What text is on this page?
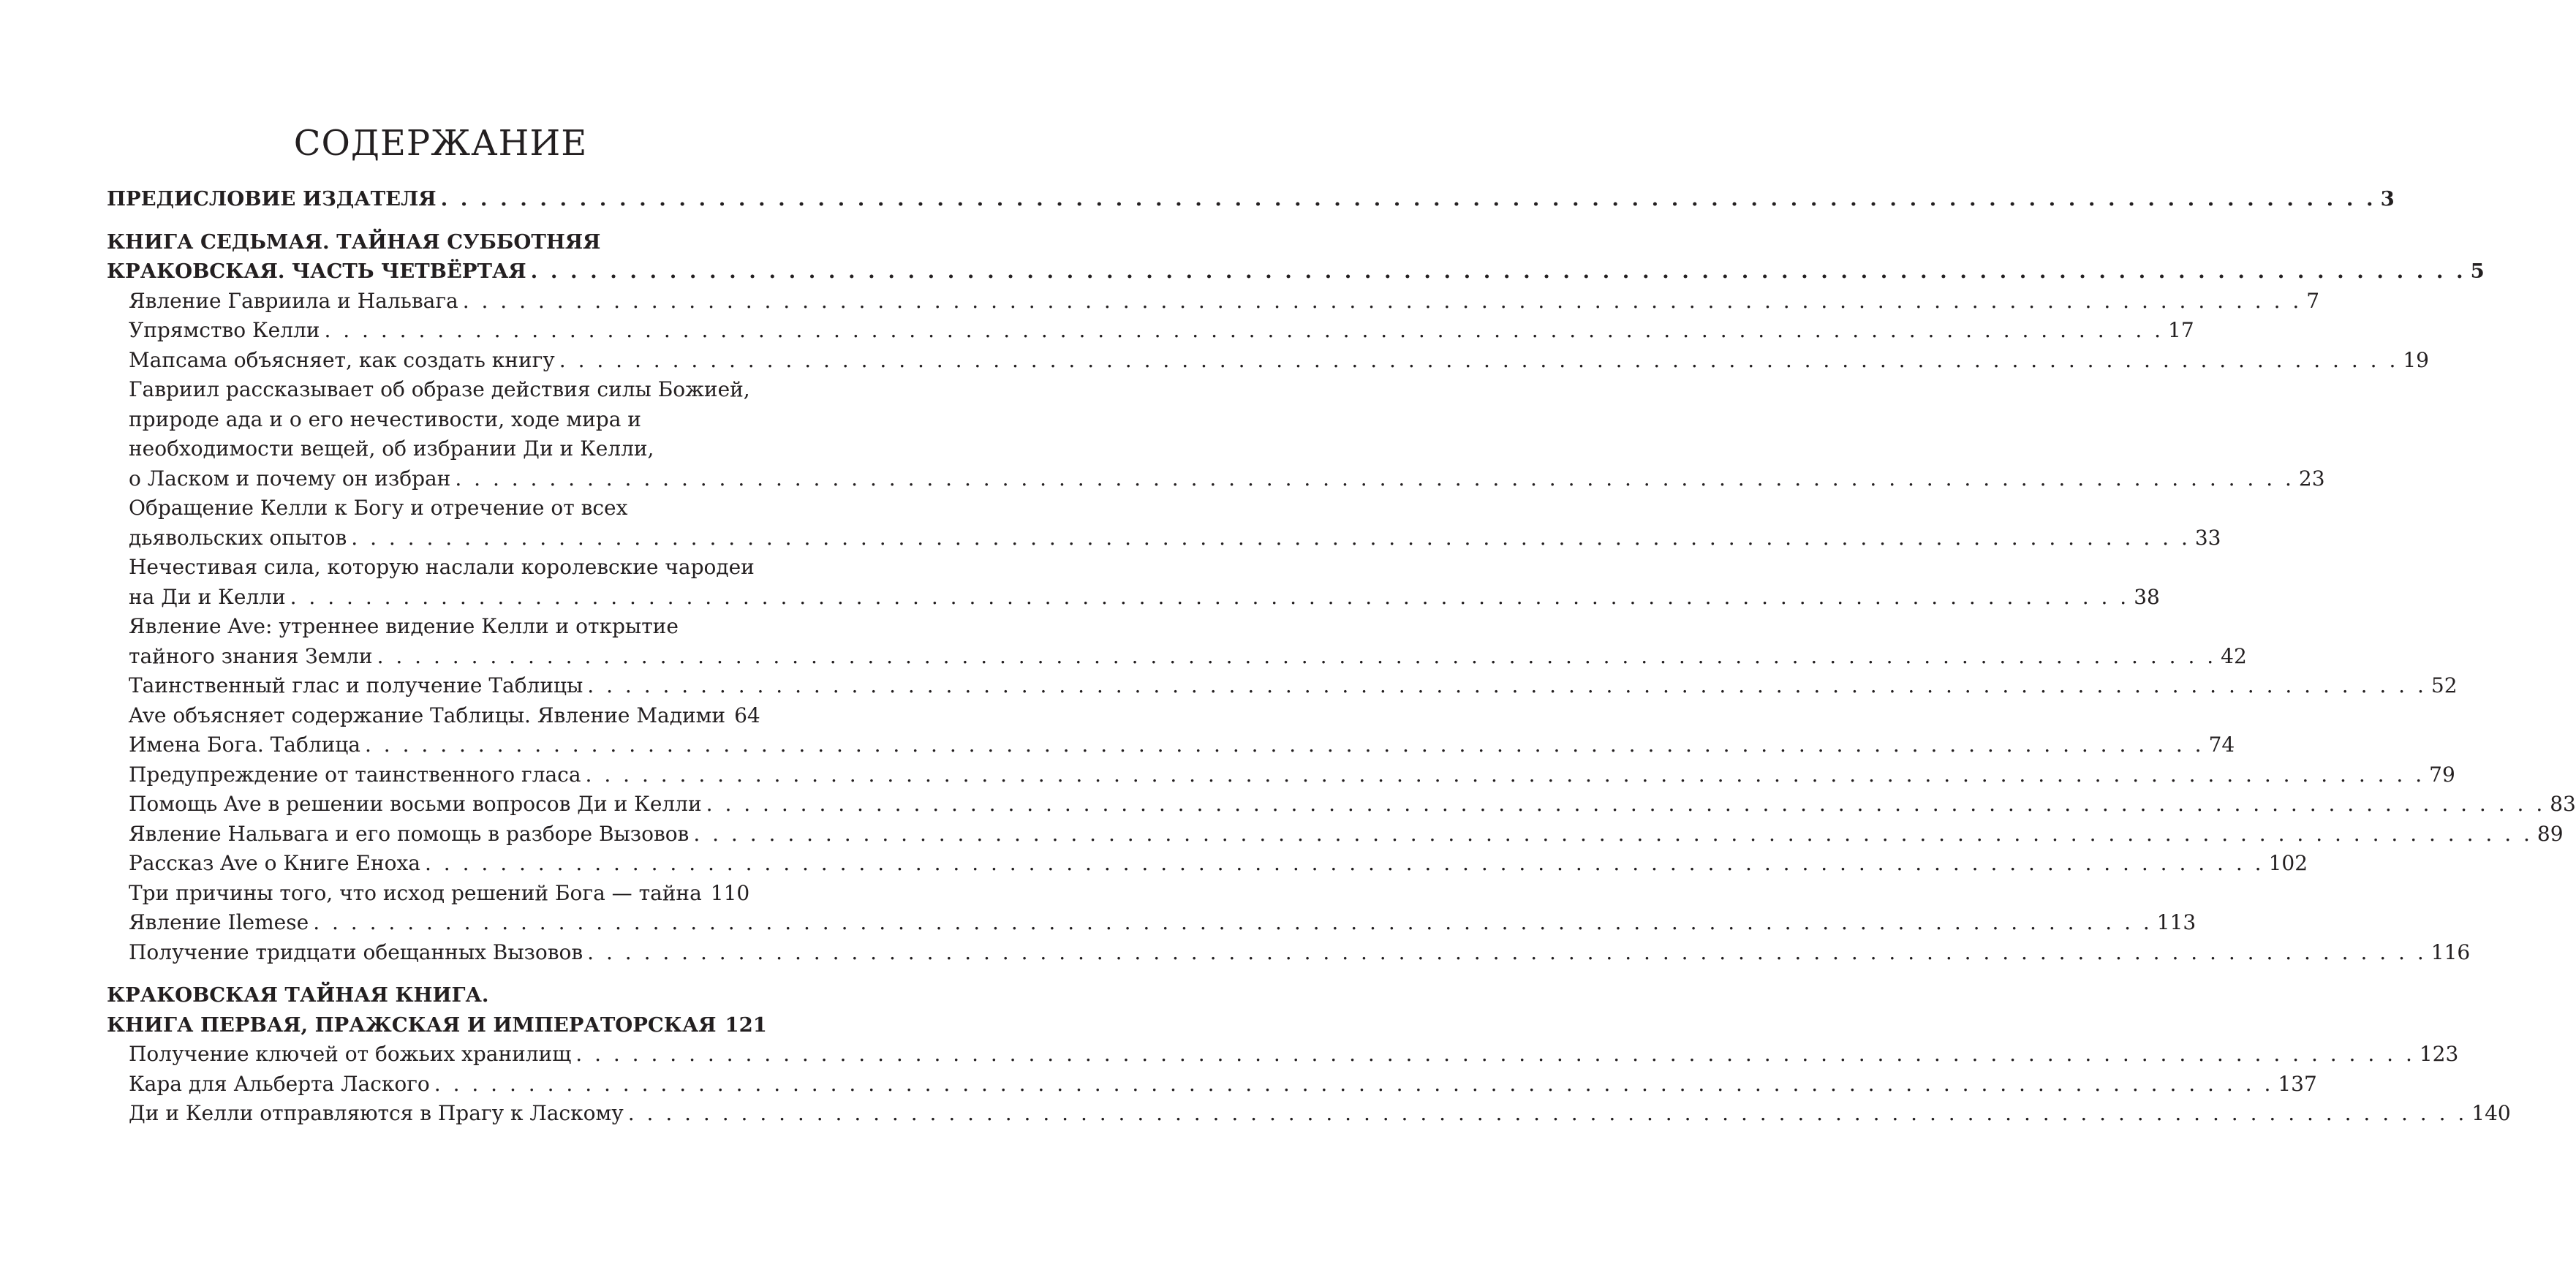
СОДЕРЖАНИЕ
ПРЕДИСЛОВИЕ ИЗДАТЕЛЯ . . . . . . . . . . . . . . . . . . . . . . . . . . . . . . . . . . . . . . . . . . . . . . . . . . . . . . . . . . . . . . . . . . . . . . . . . . . . . . . . . . . . . . . . . . . . . . . . . . 3
КНИГА СЕДЬМАЯ. ТАЙНАЯ СУББОТНЯЯ
КРАКОВСКАЯ. ЧАСТЬ ЧЕТВЁРТАЯ . . . . . . . . . . . . . . . . . . . . . . . . . . . . . . . . . . . . . . . . . . . . . . . . . . . . . . . . . . . . . . . . . . . . . . . . . . . . . . . . . . . . . . . . . . . . . . . . . . 5
Явление Гавриила и Нальвага . . . . . . . . . . . . . . . . . . . . . . . . . . . . . . . . . . . . . . . . . . . . . . . . . . . . . . . . . . . . . . . . . . . . . . . . . . . . . . . . . . . . . . . . . . . . . . . . . . 7
Упрямство Келли . . . . . . . . . . . . . . . . . . . . . . . . . . . . . . . . . . . . . . . . . . . . . . . . . . . . . . . . . . . . . . . . . . . . . . . . . . . . . . . . . . . . . . . . . . . . . . . . . . 17
Мапсама объясняет, как создать книгу . . . . . . . . . . . . . . . . . . . . . . . . . . . . . . . . . . . . . . . . . . . . . . . . . . . . . . . . . . . . . . . . . . . . . . . . . . . . . . . . . . . . . . . . . . . . . . . . . . 19
Гавриил рассказывает об образе действия силы Божией,
природе ада и о его нечестивости, ходе мира и
необходимости вещей, об избрании Ди и Келли,
о Ласком и почему он избран . . . . . . . . . . . . . . . . . . . . . . . . . . . . . . . . . . . . . . . . . . . . . . . . . . . . . . . . . . . . . . . . . . . . . . . . . . . . . . . . . . . . . . . . . . . . . . . . . . 23
Обращение Келли к Богу и отречение от всех
дьявольских опытов . . . . . . . . . . . . . . . . . . . . . . . . . . . . . . . . . . . . . . . . . . . . . . . . . . . . . . . . . . . . . . . . . . . . . . . . . . . . . . . . . . . . . . . . . . . . . . . . . . 33
Нечестивая сила, которую наслали королевские чародеи
на Ди и Келли . . . . . . . . . . . . . . . . . . . . . . . . . . . . . . . . . . . . . . . . . . . . . . . . . . . . . . . . . . . . . . . . . . . . . . . . . . . . . . . . . . . . . . . . . . . . . . . . . . 38
Явление Ave: утреннее видение Келли и открытие
тайного знания Земли . . . . . . . . . . . . . . . . . . . . . . . . . . . . . . . . . . . . . . . . . . . . . . . . . . . . . . . . . . . . . . . . . . . . . . . . . . . . . . . . . . . . . . . . . . . . . . . . . . 42
Таинственный глас и получение Таблицы . . . . . . . . . . . . . . . . . . . . . . . . . . . . . . . . . . . . . . . . . . . . . . . . . . . . . . . . . . . . . . . . . . . . . . . . . . . . . . . . . . . . . . . . . . . . . . . . . . 52
Ave объясняет содержание Таблицы. Явление Мадими 64
Имена Бога. Таблица . . . . . . . . . . . . . . . . . . . . . . . . . . . . . . . . . . . . . . . . . . . . . . . . . . . . . . . . . . . . . . . . . . . . . . . . . . . . . . . . . . . . . . . . . . . . . . . . . . 74
Предупреждение от таинственного гласа . . . . . . . . . . . . . . . . . . . . . . . . . . . . . . . . . . . . . . . . . . . . . . . . . . . . . . . . . . . . . . . . . . . . . . . . . . . . . . . . . . . . . . . . . . . . . . . . . . 79
Помощь Ave в решении восьми вопросов Ди и Келли . . . . . . . . . . . . . . . . . . . . . . . . . . . . . . . . . . . . . . . . . . . . . . . . . . . . . . . . . . . . . . . . . . . . . . . . . . . . . . . . . . . . . . . . . . . . . . . . . . 83
Явление Нальвага и его помощь в разборе Вызовов . . . . . . . . . . . . . . . . . . . . . . . . . . . . . . . . . . . . . . . . . . . . . . . . . . . . . . . . . . . . . . . . . . . . . . . . . . . . . . . . . . . . . . . . . . . . . . . . . . 89
Рассказ Ave о Книге Еноха . . . . . . . . . . . . . . . . . . . . . . . . . . . . . . . . . . . . . . . . . . . . . . . . . . . . . . . . . . . . . . . . . . . . . . . . . . . . . . . . . . . . . . . . . . . . . . . . . . 102
Три причины того, что исход решений Бога — тайна 110
Явление Ilemese . . . . . . . . . . . . . . . . . . . . . . . . . . . . . . . . . . . . . . . . . . . . . . . . . . . . . . . . . . . . . . . . . . . . . . . . . . . . . . . . . . . . . . . . . . . . . . . . . . 113
Получение тридцати обещанных Вызовов . . . . . . . . . . . . . . . . . . . . . . . . . . . . . . . . . . . . . . . . . . . . . . . . . . . . . . . . . . . . . . . . . . . . . . . . . . . . . . . . . . . . . . . . . . . . . . . . . . 116
КРАКОВСКАЯ ТАЙНАЯ КНИГА.
КНИГА ПЕРВАЯ, ПРАЖСКАЯ И ИМПЕРАТОРСКАЯ 121
Получение ключей от божьих хранилищ . . . . . . . . . . . . . . . . . . . . . . . . . . . . . . . . . . . . . . . . . . . . . . . . . . . . . . . . . . . . . . . . . . . . . . . . . . . . . . . . . . . . . . . . . . . . . . . . . . 123
Кара для Альберта Лаского . . . . . . . . . . . . . . . . . . . . . . . . . . . . . . . . . . . . . . . . . . . . . . . . . . . . . . . . . . . . . . . . . . . . . . . . . . . . . . . . . . . . . . . . . . . . . . . . . . 137
Ди и Келли отправляются в Прагу к Ласкому . . . . . . . . . . . . . . . . . . . . . . . . . . . . . . . . . . . . . . . . . . . . . . . . . . . . . . . . . . . . . . . . . . . . . . . . . . . . . . . . . . . . . . . . . . . . . . . . . . 140
